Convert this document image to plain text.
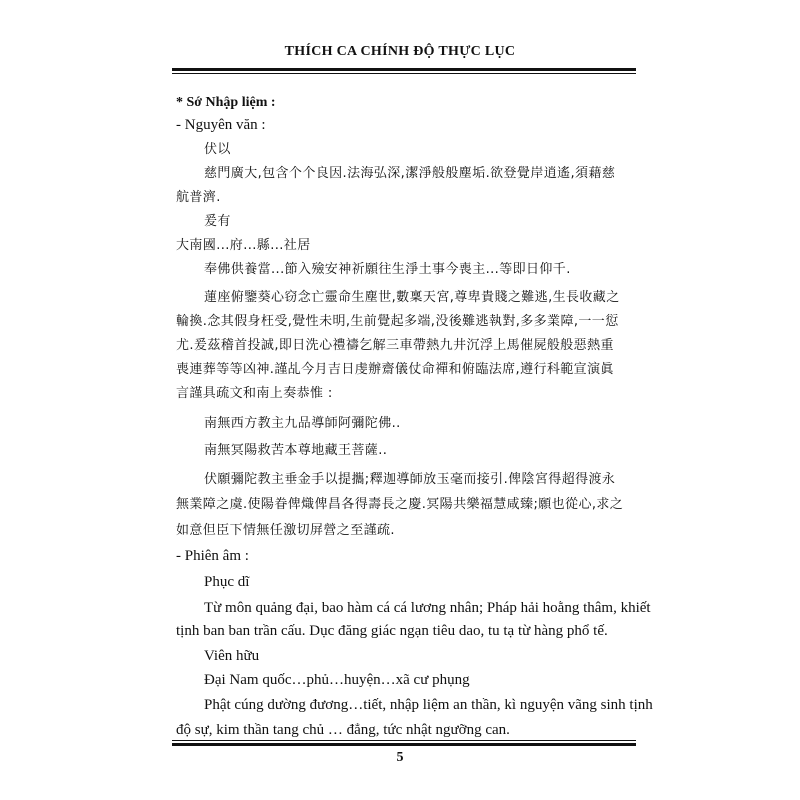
THÍCH CA CHÍNH ĐỘ THỰC LỤC
* Sớ Nhập liệm :
- Nguyên văn :
伏以
慈門廣大,包含个个良因.法海弘深,潔淨般般塵垢.欲登覺岸逍遙,須藉慈
航普濟.
爰有
大南國...府...縣...社居
奉佛供養當...節入殮安神祈願往生淨土事今喪主...等即日仰千.
蓮座俯鑒葵心窃念亡靈命生塵世,數稟天宮,尊卑貴賤之難逃,生長收藏之
輪換.念其假身枉受,覺性未明,生前覺起多端,没後難逃執對,多多業障,一一愆
尤.爰茲稽首投誠,即日洗心禮禱乞解三車帶熱九井沉浮上馬催屍般般惡熱重
喪連葬等等凶神.謹乩今月吉日虔辦齋儀仗命禪和俯臨法席,遵行科範宣演眞
言謹具疏文和南上奏恭惟 :
南無西方教主九品導師阿彌陀佛..
南無冥陽救苦本尊地藏王菩薩..
伏願彌陀教主垂金手以提攜;釋迦導師放玉毫而接引.俾陰宮得超得渡永
無業障之虞.使陽眷俾熾俾昌各得壽長之慶.冥陽共樂福慧咸臻;願也從心,求之
如意但臣下情無任激切屏營之至謹疏.
- Phiên âm :
Phục dĩ
Từ môn quảng đại, bao hàm cá cá lương nhân; Pháp hải hoằng thâm, khiết
tịnh ban ban trần cấu. Dục đăng giác ngạn tiêu dao, tu tạ từ hàng phổ tế.
Viên hữu
Đại Nam quốc…phủ…huyện…xã cư phụng
Phật cúng dường đương…tiết, nhập liệm an thần, kì nguyện vãng sinh tịnh
độ sự, kim thần tang chủ … đẳng, tức nhật ngưỡng can.
5
